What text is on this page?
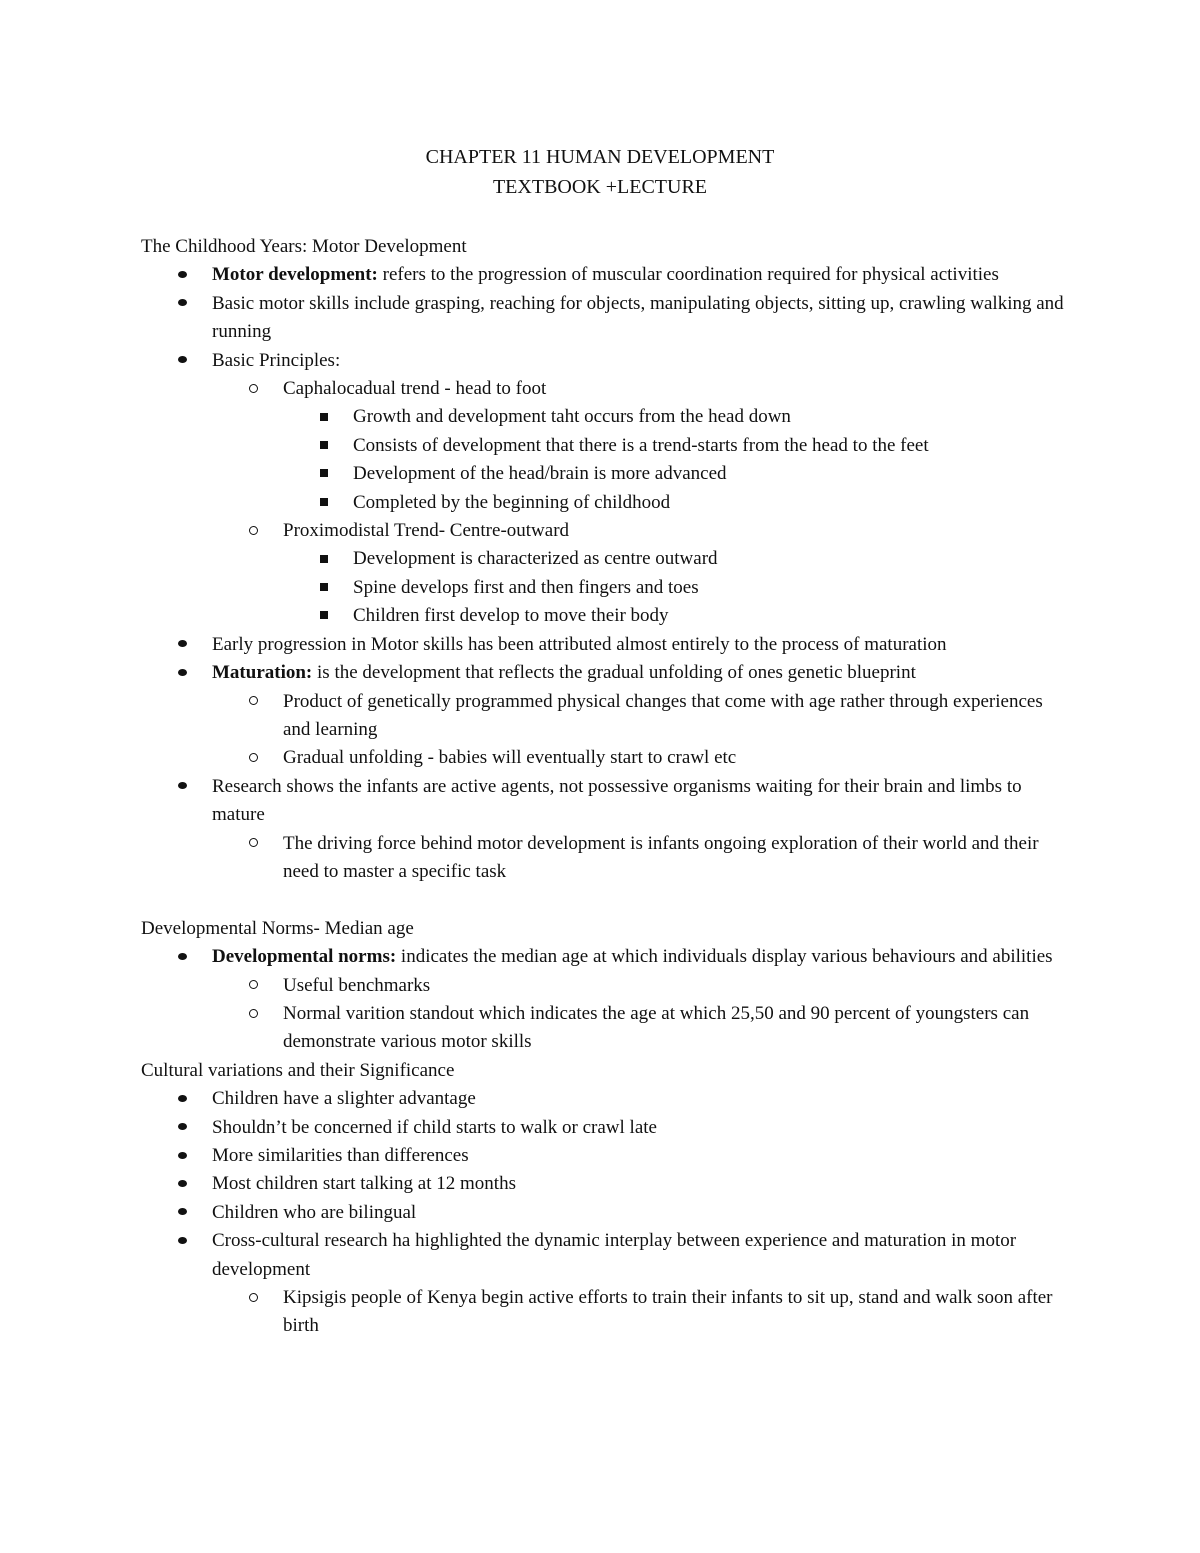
CHAPTER 11 HUMAN DEVELOPMENT
TEXTBOOK +LECTURE
The Childhood Years: Motor Development
Motor development: refers to the progression of muscular coordination required for physical activities
Basic motor skills include grasping, reaching for objects, manipulating objects, sitting up, crawling walking and running
Basic Principles:
Caphalocadual trend - head to foot
Growth and development taht occurs from the head down
Consists of development that there is a trend-starts from the head to the feet
Development of the head/brain is more advanced
Completed by the beginning of childhood
Proximodistal Trend- Centre-outward
Development is characterized as centre outward
Spine develops first and then fingers and toes
Children first develop to move their body
Early progression in Motor skills has been attributed almost entirely to the process of maturation
Maturation: is the development that reflects the gradual unfolding of ones genetic blueprint
Product of genetically programmed physical changes that come with age rather through experiences and learning
Gradual unfolding - babies will eventually start to crawl etc
Research shows the infants are active agents, not possessive organisms waiting for their brain and limbs to mature
The driving force behind motor development is infants ongoing exploration of their world and their need to master a specific task
Developmental Norms- Median age
Developmental norms: indicates the median age at which individuals display various behaviours and abilities
Useful benchmarks
Normal varition standout which indicates the age at which 25,50 and 90 percent of youngsters can demonstrate various motor skills
Cultural variations and their Significance
Children have a slighter advantage
Shouldn’t be concerned if child starts to walk or crawl late
More similarities than differences
Most children start talking at 12 months
Children who are bilingual
Cross-cultural research ha highlighted the dynamic interplay between experience and maturation in motor development
Kipsigis people of Kenya begin active efforts to train their infants to sit up, stand and walk soon after birth
